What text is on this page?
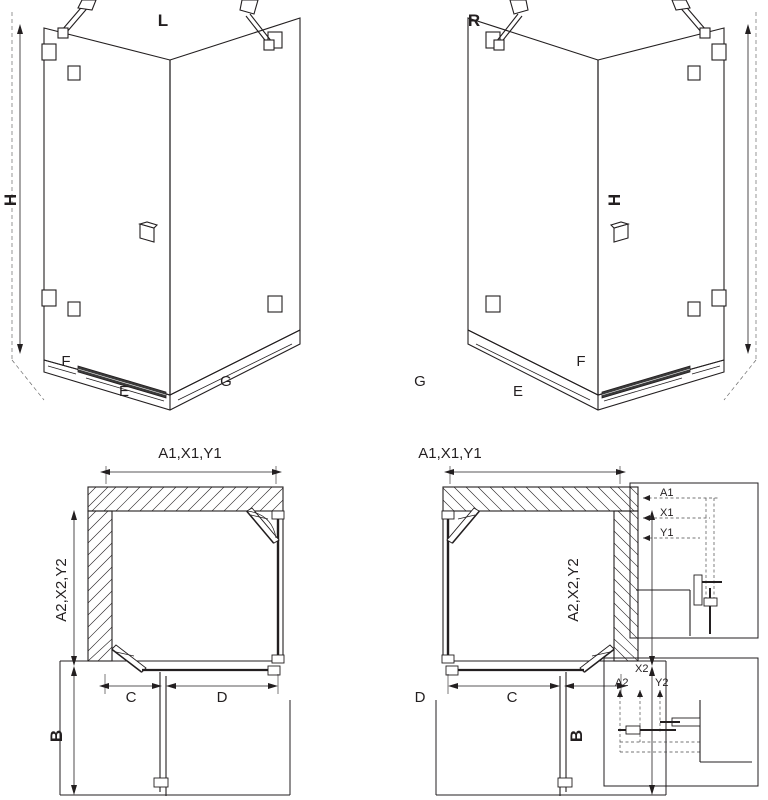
L	R
H
F
E
G
H
F
E
G
A1,X1,Y1
A2,X2,Y2
B
C	D
A1,X1,Y1
A2,X2,Y2
B
C
D
A1
X1
Y1
A2
X2
Y2
